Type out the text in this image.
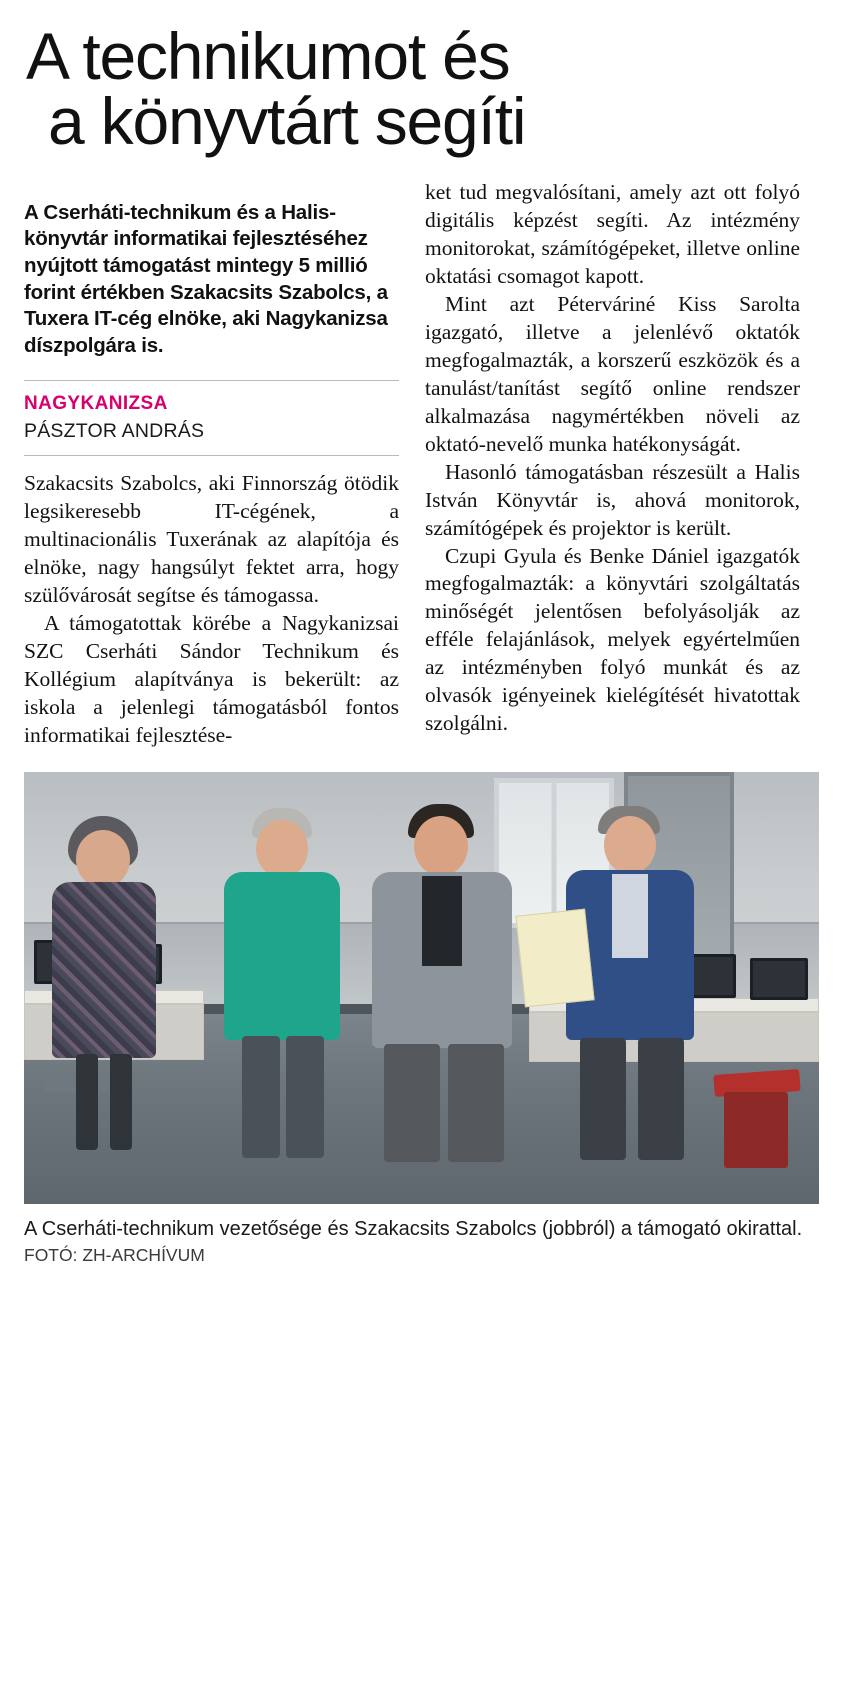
A technikumot és
a könyvtárt segíti

A Cserháti-technikum és a Halis-könyvtár informatikai fejlesztéséhez nyújtott támogatást mintegy 5 millió forint értékben Szakacsits Szabolcs, a Tuxera IT-cég elnöke, aki Nagykanizsa díszpolgára is.

NAGYKANIZSA

PÁSZTOR ANDRÁS

Szakacsits Szabolcs, aki Finnország ötödik legsikeresebb IT-cégének, a multinacionális Tuxerának az alapítója és elnöke, nagy hangsúlyt fektet arra, hogy szülővárosát segítse és támogassa.

A támogatottak körébe a Nagykanizsai SZC Cserháti Sándor Technikum és Kollégium alapítványa is bekerült: az iskola a jelenlegi támogatásból fontos informatikai fejlesztése-

ket tud megvalósítani, amely azt ott folyó digitális képzést segíti. Az intézmény monitorokat, számítógépeket, illetve online oktatási csomagot kapott.

Mint azt Péterváriné Kiss Sarolta igazgató, illetve a jelenlévő oktatók megfogalmazták, a korszerű eszközök és a tanulást/tanítást segítő online rendszer alkalmazása nagymértékben növeli az oktató-nevelő munka hatékonyságát.

Hasonló támogatásban részesült a Halis István Könyvtár is, ahová monitorok, számítógépek és projektor is került.

Czupi Gyula és Benke Dániel igazgatók megfogalmazták: a könyvtári szolgáltatás minőségét jelentősen befolyásolják az efféle felajánlások, melyek egyértelműen az intézményben folyó munkát és az olvasók igényeinek kielégítését hivatottak szolgálni.

A Cserháti-technikum vezetősége és Szakacsits Szabolcs (jobbról) a támogató okirattal. FOTÓ: ZH-ARCHÍVUM
